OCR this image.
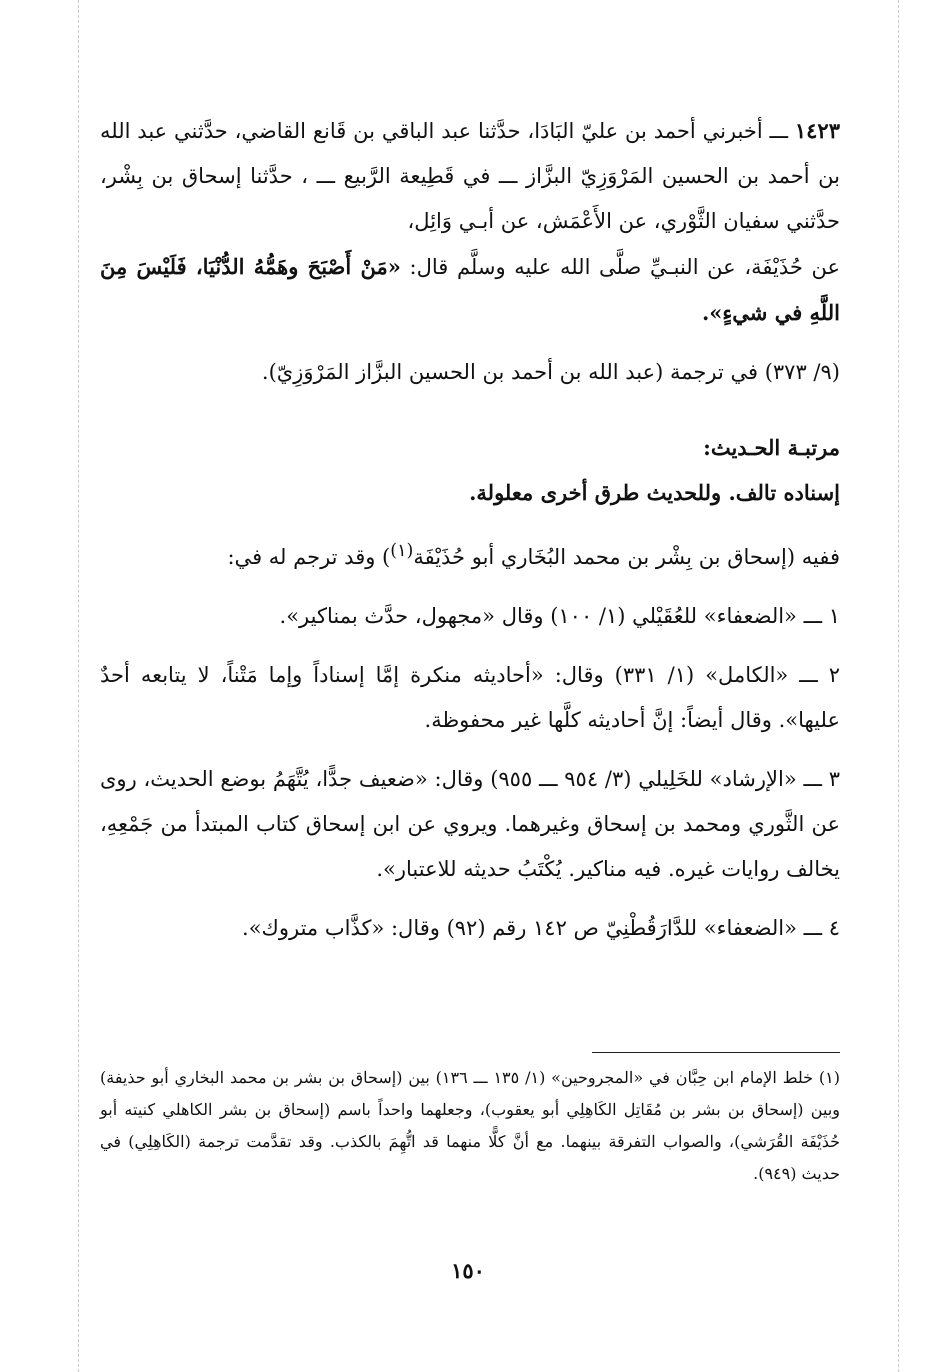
١٤٢٣ ـــ أخبرني أحمد بن عليّ البَادَا، حدَّثنا عبد الباقي بن قَانع القاضي، حدَّثني عبد الله بن أحمد بن الحسين المَرْوَزِيّ البزَّاز ـــ في قَطِيعة الرَّبيع ـــ ، حدَّثنا إسحاق بن بِشْر، حدَّثني سفيان الثَّوْري، عن الأَعْمَش، عن أبـي وَائِل،

عن حُذَيْفَة، عن النبـيِّ صلَّى الله عليه وسلَّم قال: «مَنْ أَصْبَحَ وهَمُّهُ الدُّنْيَا، فَلَيْسَ مِنَ اللَّهِ في شيءٍ».

(٩/ ٣٧٣) في ترجمة (عبد الله بن أحمد بن الحسين البزَّاز المَرْوَزِيّ).

مرتبـة الحـديث:

إسناده تالف. وللحديث طرق أخرى معلولة.

ففيه (إسحاق بن بِشْر بن محمد البُخَاري أبو حُذَيْفَة$^{(١)}$) وقد ترجم له في:

١ ـــ «الضعفاء» للعُقَيْلي (١/ ١٠٠) وقال «مجهول، حدَّث بمناكير».

٢ ـــ «الكامل» (١/ ٣٣١) وقال: «أحاديثه منكرة إمَّا إسناداً وإما مَتْناً، لا يتابعه أحدٌ عليها». وقال أيضاً: إنَّ أحاديثه كلَّها غير محفوظة.

٣ ـــ «الإرشاد» للخَلِيلي (٣/ ٩٥٤ ـــ ٩٥٥) وقال: «ضعيف جدًّا، يُتَّهَمُ بوضع الحديث، روى عن الثَّوري ومحمد بن إسحاق وغيرهما. ويروي عن ابن إسحاق كتاب المبتدأ من جَمْعِهِ، يخالف روايات غيره. فيه مناكير. يُكْتَبُ حديثه للاعتبار».

٤ ـــ «الضعفاء» للدَّارَقُطْنِيّ ص ١٤٢ رقم (٩٢) وقال: «كذَّاب متروك».

(١) خلط الإمام ابن حِبَّان في «المجروحين» (١/ ١٣٥ ـــ ١٣٦) بين (إسحاق بن بشر بن محمد البخاري أبو حذيفة) وبين (إسحاق بن بشر بن مُقَاتِل الكَاهِلِي أبو يعقوب)، وجعلهما واحداً باسم (إسحاق بن بشر الكاهلي كنيته أبو حُذَيْفَة القُرَشي)، والصواب التفرقة بينهما. مع أنَّ كلًّا منهما قد اتُّهِمَ بالكذب. وقد تقدَّمت ترجمة (الكَاهِلِي) في حديث (٩٤٩).

١٥٠
